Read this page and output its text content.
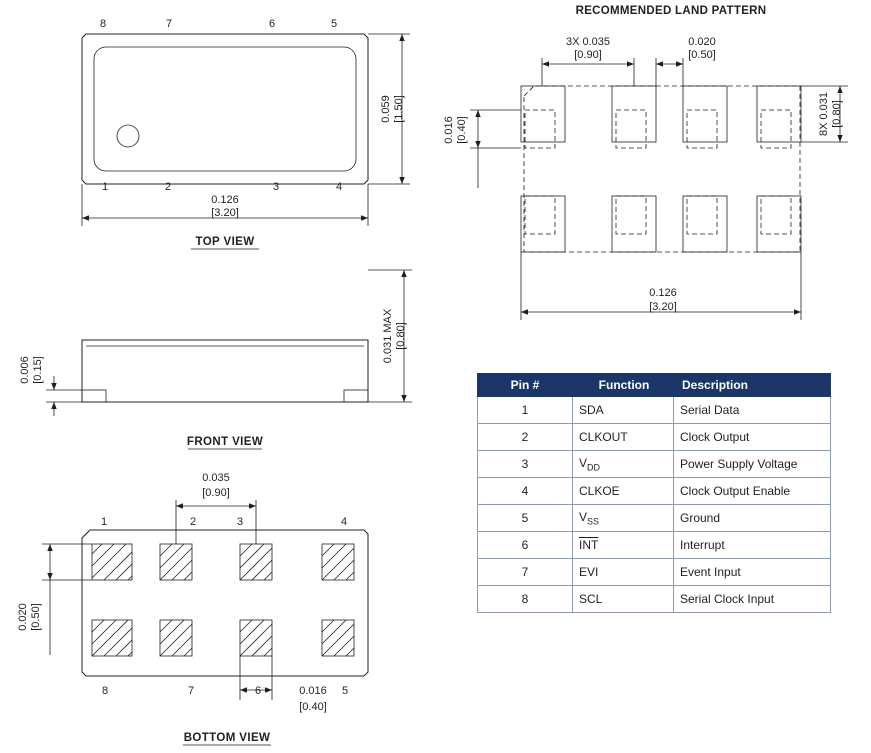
8	7	6	5
1	2	3	4
0.059 [1.50]
0.126
[3.20]
TOP VIEW
0.031 MAX [0.80]
0.006 [0.15]
FRONT VIEW
1	2	3	4
8	7	6	5
0.035
[0.90]
0.020 [0.50]
0.016
[0.40]
BOTTOM VIEW
RECOMMENDED LAND PATTERN
3X 0.035
[0.90]
0.020
[0.50]
0.016 [0.40]	8X 0.031 [0.80]
0.126
[3.20]
Pin #	Function	Description
1	SDA	Serial Data
2	CLKOUT	Clock Output
3	$V_{DD}$	Power Supply Voltage
4	CLKOE	Clock Output Enable
5	$V_{SS}$	Ground
6	$\overline{INT}$	Interrupt
7	EVI	Event Input
8	SCL	Serial Clock Input
